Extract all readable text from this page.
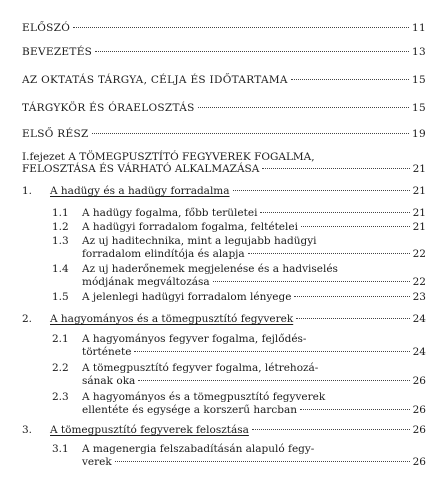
ELŐSZÓ	11
BEVEZETÉS	13
AZ OKTATÁS TÁRGYA, CÉLJA ÉS IDŐTARTAMA	15
TÁRGYKÖR ÉS ÓRAELOSZTÁS	15
ELSŐ RÉSZ	19
I.fejezet A TÖMEGPUSZTÍTÓ FEGYVEREK FOGALMA,
FELOSZTÁSA ÉS VÁRHATÓ ALKALMAZÁSA	21
1. A hadügy és a hadügy forradalma	21
1.1 A hadügy fogalma, főbb területei	21
1.2 A hadügyi forradalom fogalma, feltételei	21
1.3 Az uj haditechnika, mint a legujabb hadügyi
forradalom elindítója és alapja	22
1.4 Az uj haderőnemek megjelenése és a hadviselés
módjának megváltozása	22
1.5 A jelenlegi hadügyi forradalom lényege	23
2. A hagyományos és a tömegpusztító fegyverek	24
2.1 A hagyományos fegyver fogalma, fejlődés-
története	24
2.2 A tömegpusztító fegyver fogalma, létrehozá-
sának oka	26
2.3 A hagyományos és a tömegpusztító fegyverek
ellentéte és egysége a korszerű harcban	26
3. A tömegpusztító fegyverek felosztása	26
3.1 A magenergia felszabadításán alapuló fegy-
verek	26
